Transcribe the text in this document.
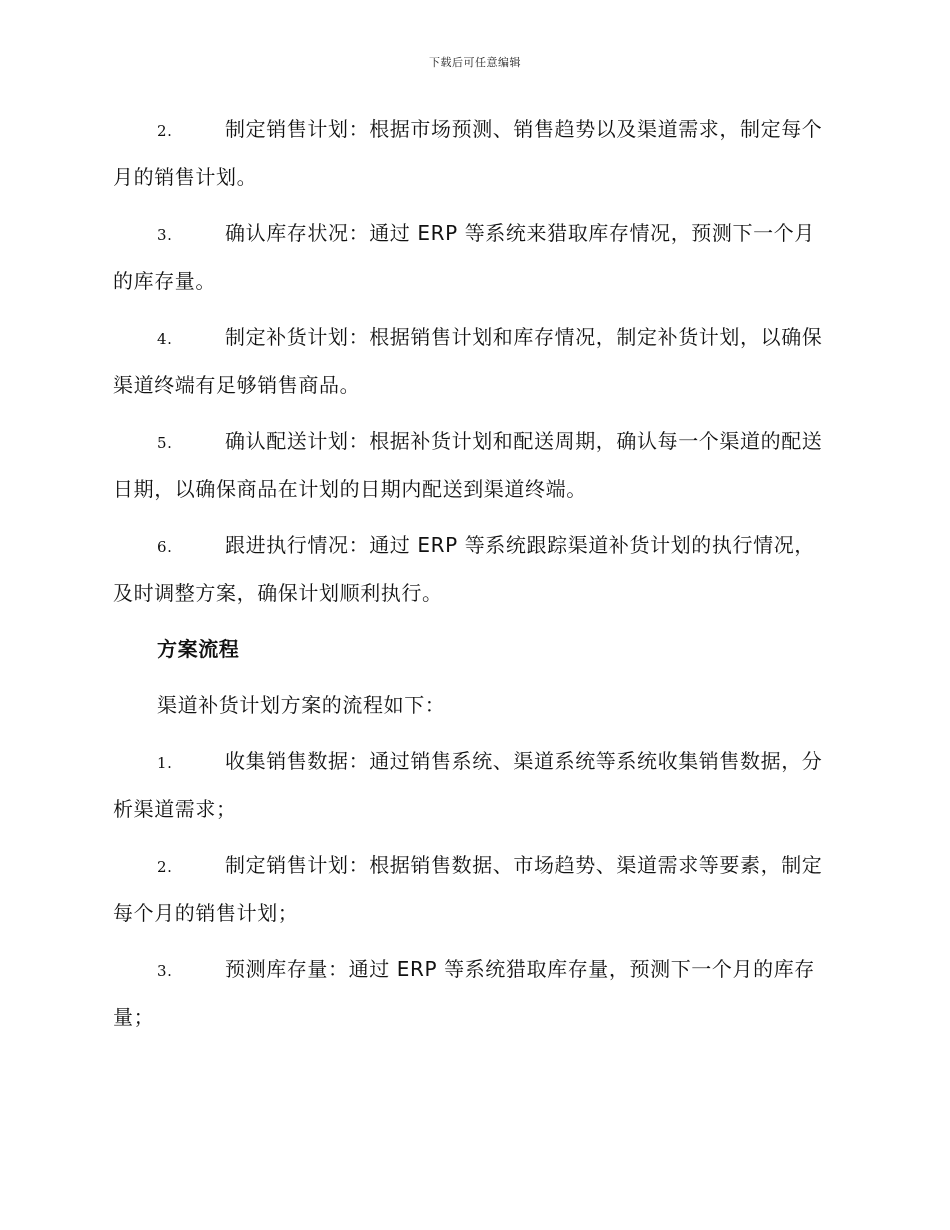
下载后可任意编辑
2.	制定销售计划：根据市场预测、销售趋势以及渠道需求，制定每个月的销售计划。
3.	确认库存状况：通过 ERP 等系统来猎取库存情况，预测下一个月的库存量。
4.	制定补货计划：根据销售计划和库存情况，制定补货计划，以确保渠道终端有足够销售商品。
5.	确认配送计划：根据补货计划和配送周期，确认每一个渠道的配送日期，以确保商品在计划的日期内配送到渠道终端。
6.	跟进执行情况：通过 ERP 等系统跟踪渠道补货计划的执行情况，及时调整方案，确保计划顺利执行。
方案流程
渠道补货计划方案的流程如下：
1.	收集销售数据：通过销售系统、渠道系统等系统收集销售数据，分析渠道需求；
2.	制定销售计划：根据销售数据、市场趋势、渠道需求等要素，制定每个月的销售计划；
3.	预测库存量：通过 ERP 等系统猎取库存量，预测下一个月的库存量；
